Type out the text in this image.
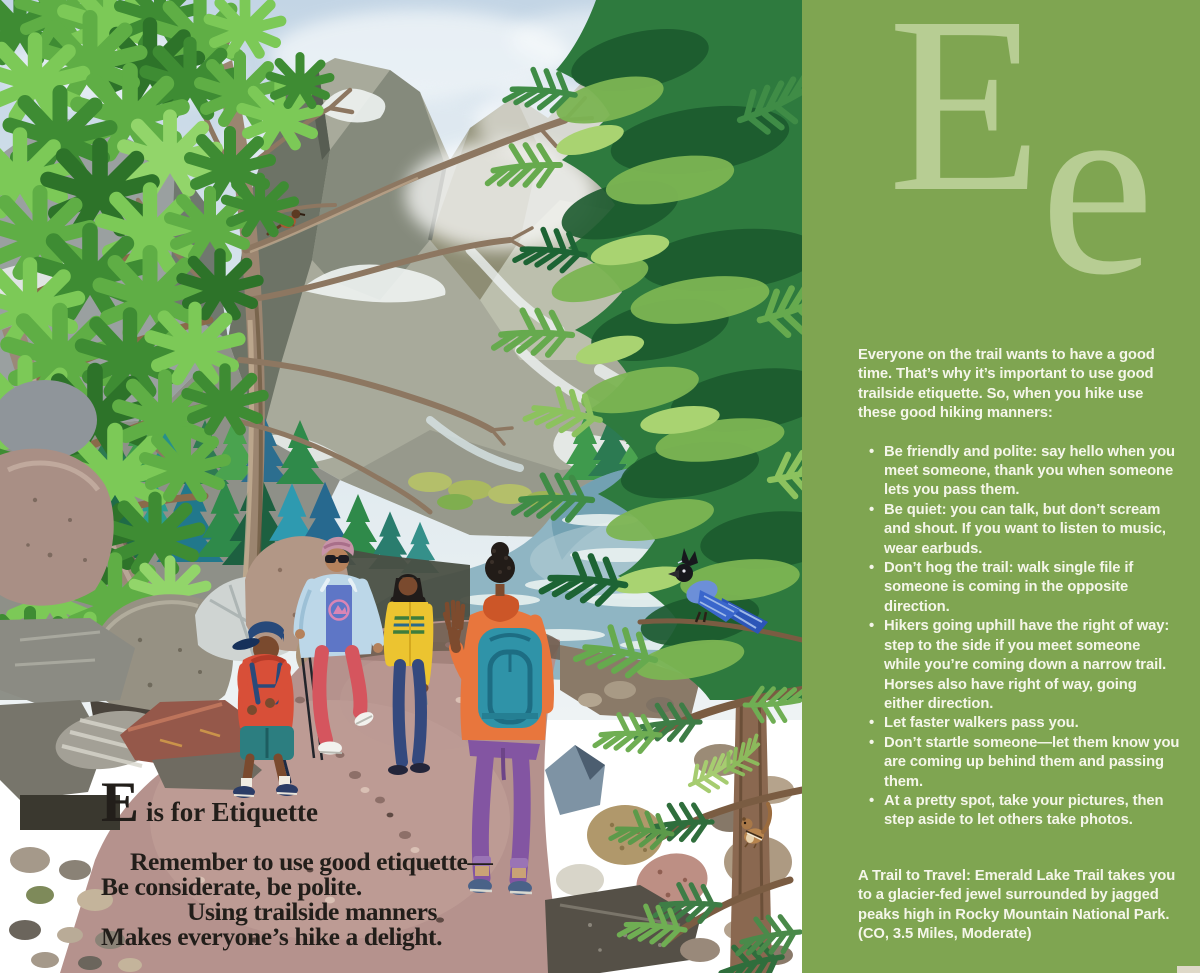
E is for Etiquette
Remember to use good etiquette—
Be considerate, be polite.
Using trailside manners
Makes everyone’s hike a delight.
E
e

Everyone on the trail wants to have a good time. That’s why it’s important to use good trailside etiquette. So, when you hike use these good hiking manners:

• Be friendly and polite: say hello when you meet someone, thank you when someone lets you pass them.
• Be quiet: you can talk, but don’t scream and shout. If you want to listen to music, wear earbuds.
• Don’t hog the trail: walk single file if someone is coming in the opposite direction.
• Hikers going uphill have the right of way: step to the side if you meet someone while you’re coming down a narrow trail. Horses also have right of way, going either direction.
• Let faster walkers pass you.
• Don’t startle someone—let them know you are coming up behind them and passing them.
• At a pretty spot, take your pictures, then step aside to let others take photos.

A Trail to Travel: Emerald Lake Trail takes you to a glacier-fed jewel surrounded by jagged peaks high in Rocky Mountain National Park. (CO, 3.5 Miles, Moderate)
